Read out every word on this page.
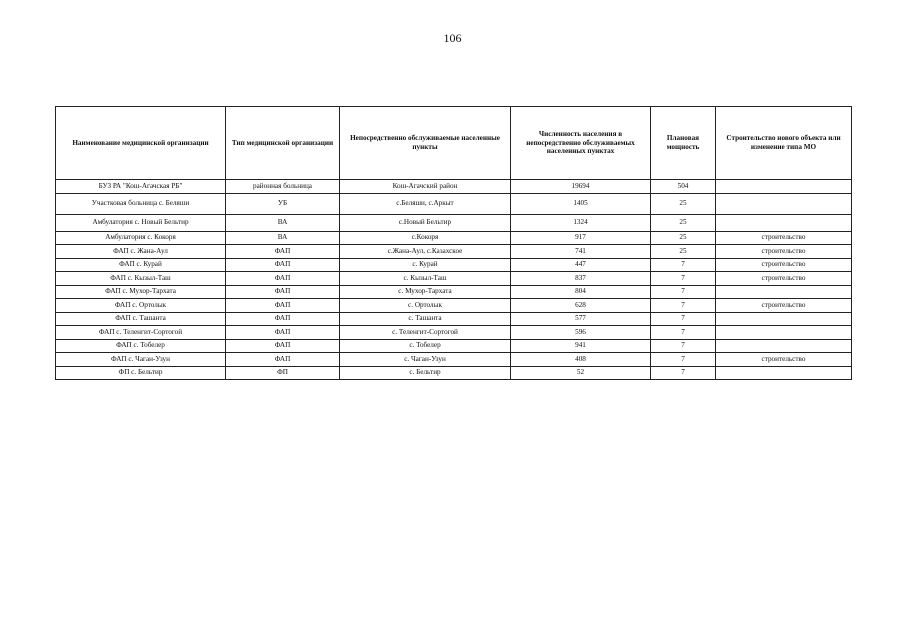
106
Наименование медицинской организации	Тип медицинской организации	Непосредственно обслуживаемые населенные пункты	Численность населения в непосредственно обслуживаемых населенных пунктах	Плановая мощность	Строительство нового объекта или изменение типа МО
БУЗ РА "Кош-Агачская РБ"	районная больница	Кош-Агачский район	19694	504	
Участковая больница с. Беляши	УБ	с.Беляши, с.Аркыт	1405	25	
Амбулатория с. Новый Бельтир	ВА	с.Новый Бельтир	1324	25	
Амбулатория с. Кокоря	ВА	с.Кокоря	917	25	строительство
ФАП с. Жана-Аул	ФАП	с.Жана-Аул, с.Казахское	741	25	строительство
ФАП с. Курай	ФАП	с. Курай	447	7	строительство
ФАП с. Кызыл-Таш	ФАП	с. Кызыл-Таш	837	7	строительство
ФАП с. Мухор-Тархата	ФАП	с. Мухор-Тархата	804	7	
ФАП с. Ортолык	ФАП	с. Ортолык	628	7	строительство
ФАП с. Ташанта	ФАП	с. Ташанта	577	7	
ФАП с. Теленгит-Сортогой	ФАП	с. Теленгит-Сортогой	596	7	
ФАП с. Тобелер	ФАП	с. Тобелер	941	7	
ФАП с. Чаган-Узун	ФАП	с. Чаган-Узун	408	7	строительство
ФП с. Бельтир	ФП	с. Бельтир	52	7	
